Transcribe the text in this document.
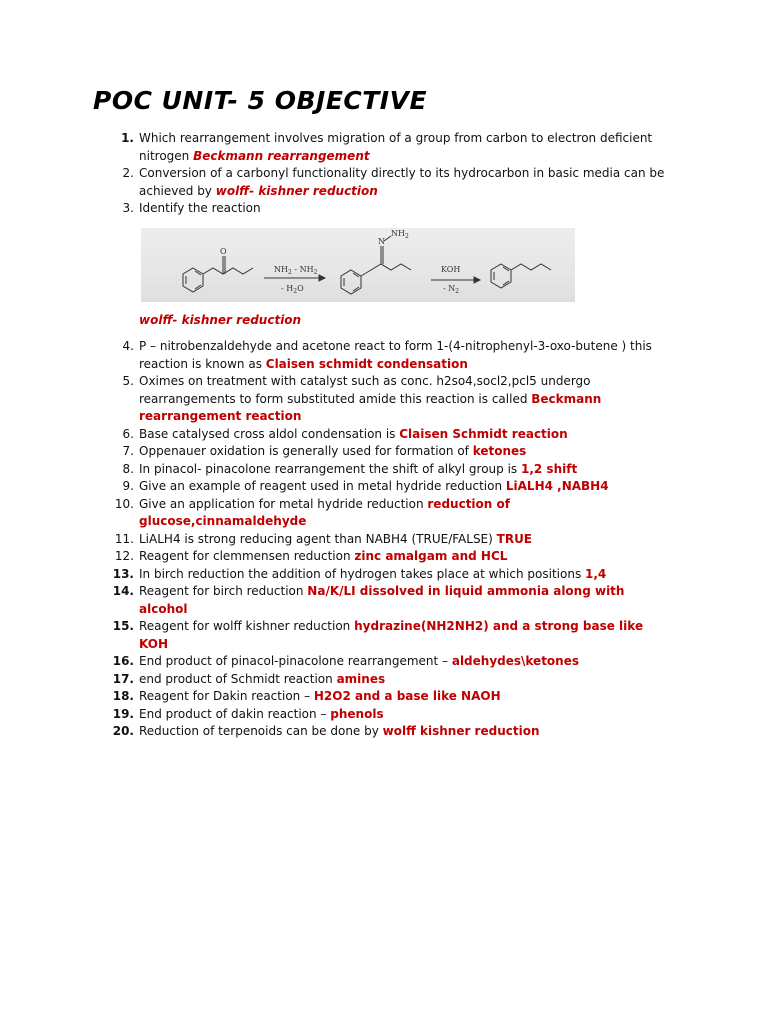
POC UNIT- 5 OBJECTIVE

1. Which rearrangement involves migration of a group from carbon to electron deficient nitrogen Beckmann rearrangement

2. Conversion of a carbonyl functionality directly to its hydrocarbon in basic media can be achieved by wolff- kishner reduction

3. Identify the reaction

O
N
$NH_2$
$NH_2 - NH_2$
- $H_2O$
KOH
- $N_2$

wolff- kishner reduction

4. P – nitrobenzaldehyde and acetone react to form 1-(4-nitrophenyl-3-oxo-butene ) this reaction is known as Claisen schmidt condensation

5. Oximes on treatment with catalyst such as conc. h2so4,socl2,pcl5 undergo rearrangements to form substituted amide this reaction is called Beckmann rearrangement reaction

6. Base catalysed cross aldol condensation is Claisen Schmidt reaction

7. Oppenauer oxidation is generally used for formation of ketones

8. In pinacol- pinacolone rearrangement the shift of alkyl group is 1,2 shift

9. Give an example of reagent used in metal hydride reduction LiALH4 ,NABH4

10. Give an application for metal hydride reduction reduction of glucose,cinnamaldehyde

11. LiALH4 is strong reducing agent than NABH4 (TRUE/FALSE) TRUE

12. Reagent for clemmensen reduction zinc amalgam and HCL

13. In birch reduction the addition of hydrogen takes place at which positions 1,4

14. Reagent for birch reduction Na/K/LI dissolved in liquid ammonia along with alcohol

15. Reagent for wolff kishner reduction hydrazine(NH2NH2) and a strong base like KOH

16. End product of pinacol-pinacolone rearrangement – aldehydes\ketones

17. end product of Schmidt reaction amines

18. Reagent for Dakin reaction – H2O2 and a base like NAOH

19. End product of dakin reaction – phenols

20. Reduction of terpenoids can be done by wolff kishner reduction
